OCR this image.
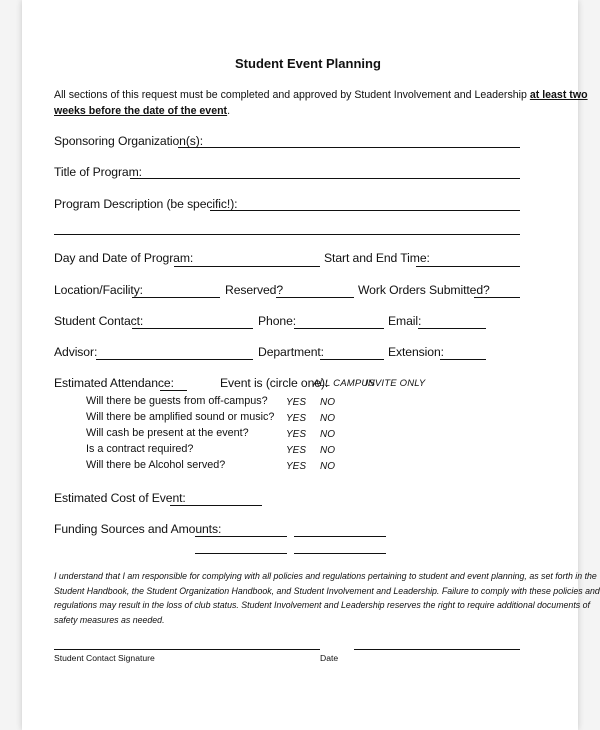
Student Event Planning
All sections of this request must be completed and approved by Student Involvement and Leadership at least two
weeks before the date of the event.
Sponsoring Organization(s):
Title of Program:
Program Description (be specific!):
Day and Date of Program:	Start and End Time:
Location/Facility:	Reserved?	Work Orders Submitted?
Student Contact:	Phone:	Email:
Advisor:	Department:	Extension:
Estimated Attendance:	Event is (circle one):
ALL CAMPUS
INVITE ONLY
Will there be guests from off-campus? YES NO
Will there be amplified sound or music? YES NO
Will cash be present at the event?	YES NO
Is a contract required?	YES NO
Will there be Alcohol served?	YES NO
Estimated Cost of Event:
Funding Sources and Amounts:
I understand that I am responsible for complying with all policies and regulations pertaining to student and event planning, as set forth in the
Student Handbook, the Student Organization Handbook, and Student Involvement and Leadership. Failure to comply with these policies and
regulations may result in the loss of club status. Student Involvement and Leadership reserves the right to require additional documents of
safety measures as needed.
Student Contact Signature	Date
